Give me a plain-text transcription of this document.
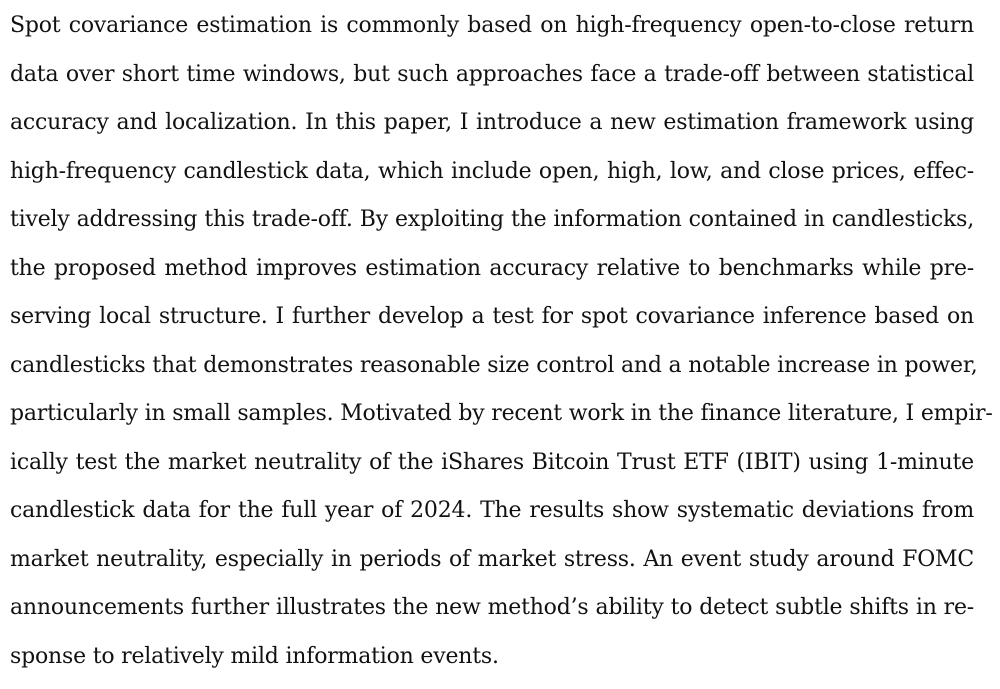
Spot covariance estimation is commonly based on high-frequency open-to-close return
data over short time windows, but such approaches face a trade-off between statistical
accuracy and localization. In this paper, I introduce a new estimation framework using
high-frequency candlestick data, which include open, high, low, and close prices, effec-
tively addressing this trade-off. By exploiting the information contained in candlesticks,
the proposed method improves estimation accuracy relative to benchmarks while pre-
serving local structure. I further develop a test for spot covariance inference based on
candlesticks that demonstrates reasonable size control and a notable increase in power,
particularly in small samples. Motivated by recent work in the finance literature, I empir-
ically test the market neutrality of the iShares Bitcoin Trust ETF (IBIT) using 1-minute
candlestick data for the full year of 2024. The results show systematic deviations from
market neutrality, especially in periods of market stress. An event study around FOMC
announcements further illustrates the new method’s ability to detect subtle shifts in re-
sponse to relatively mild information events.
